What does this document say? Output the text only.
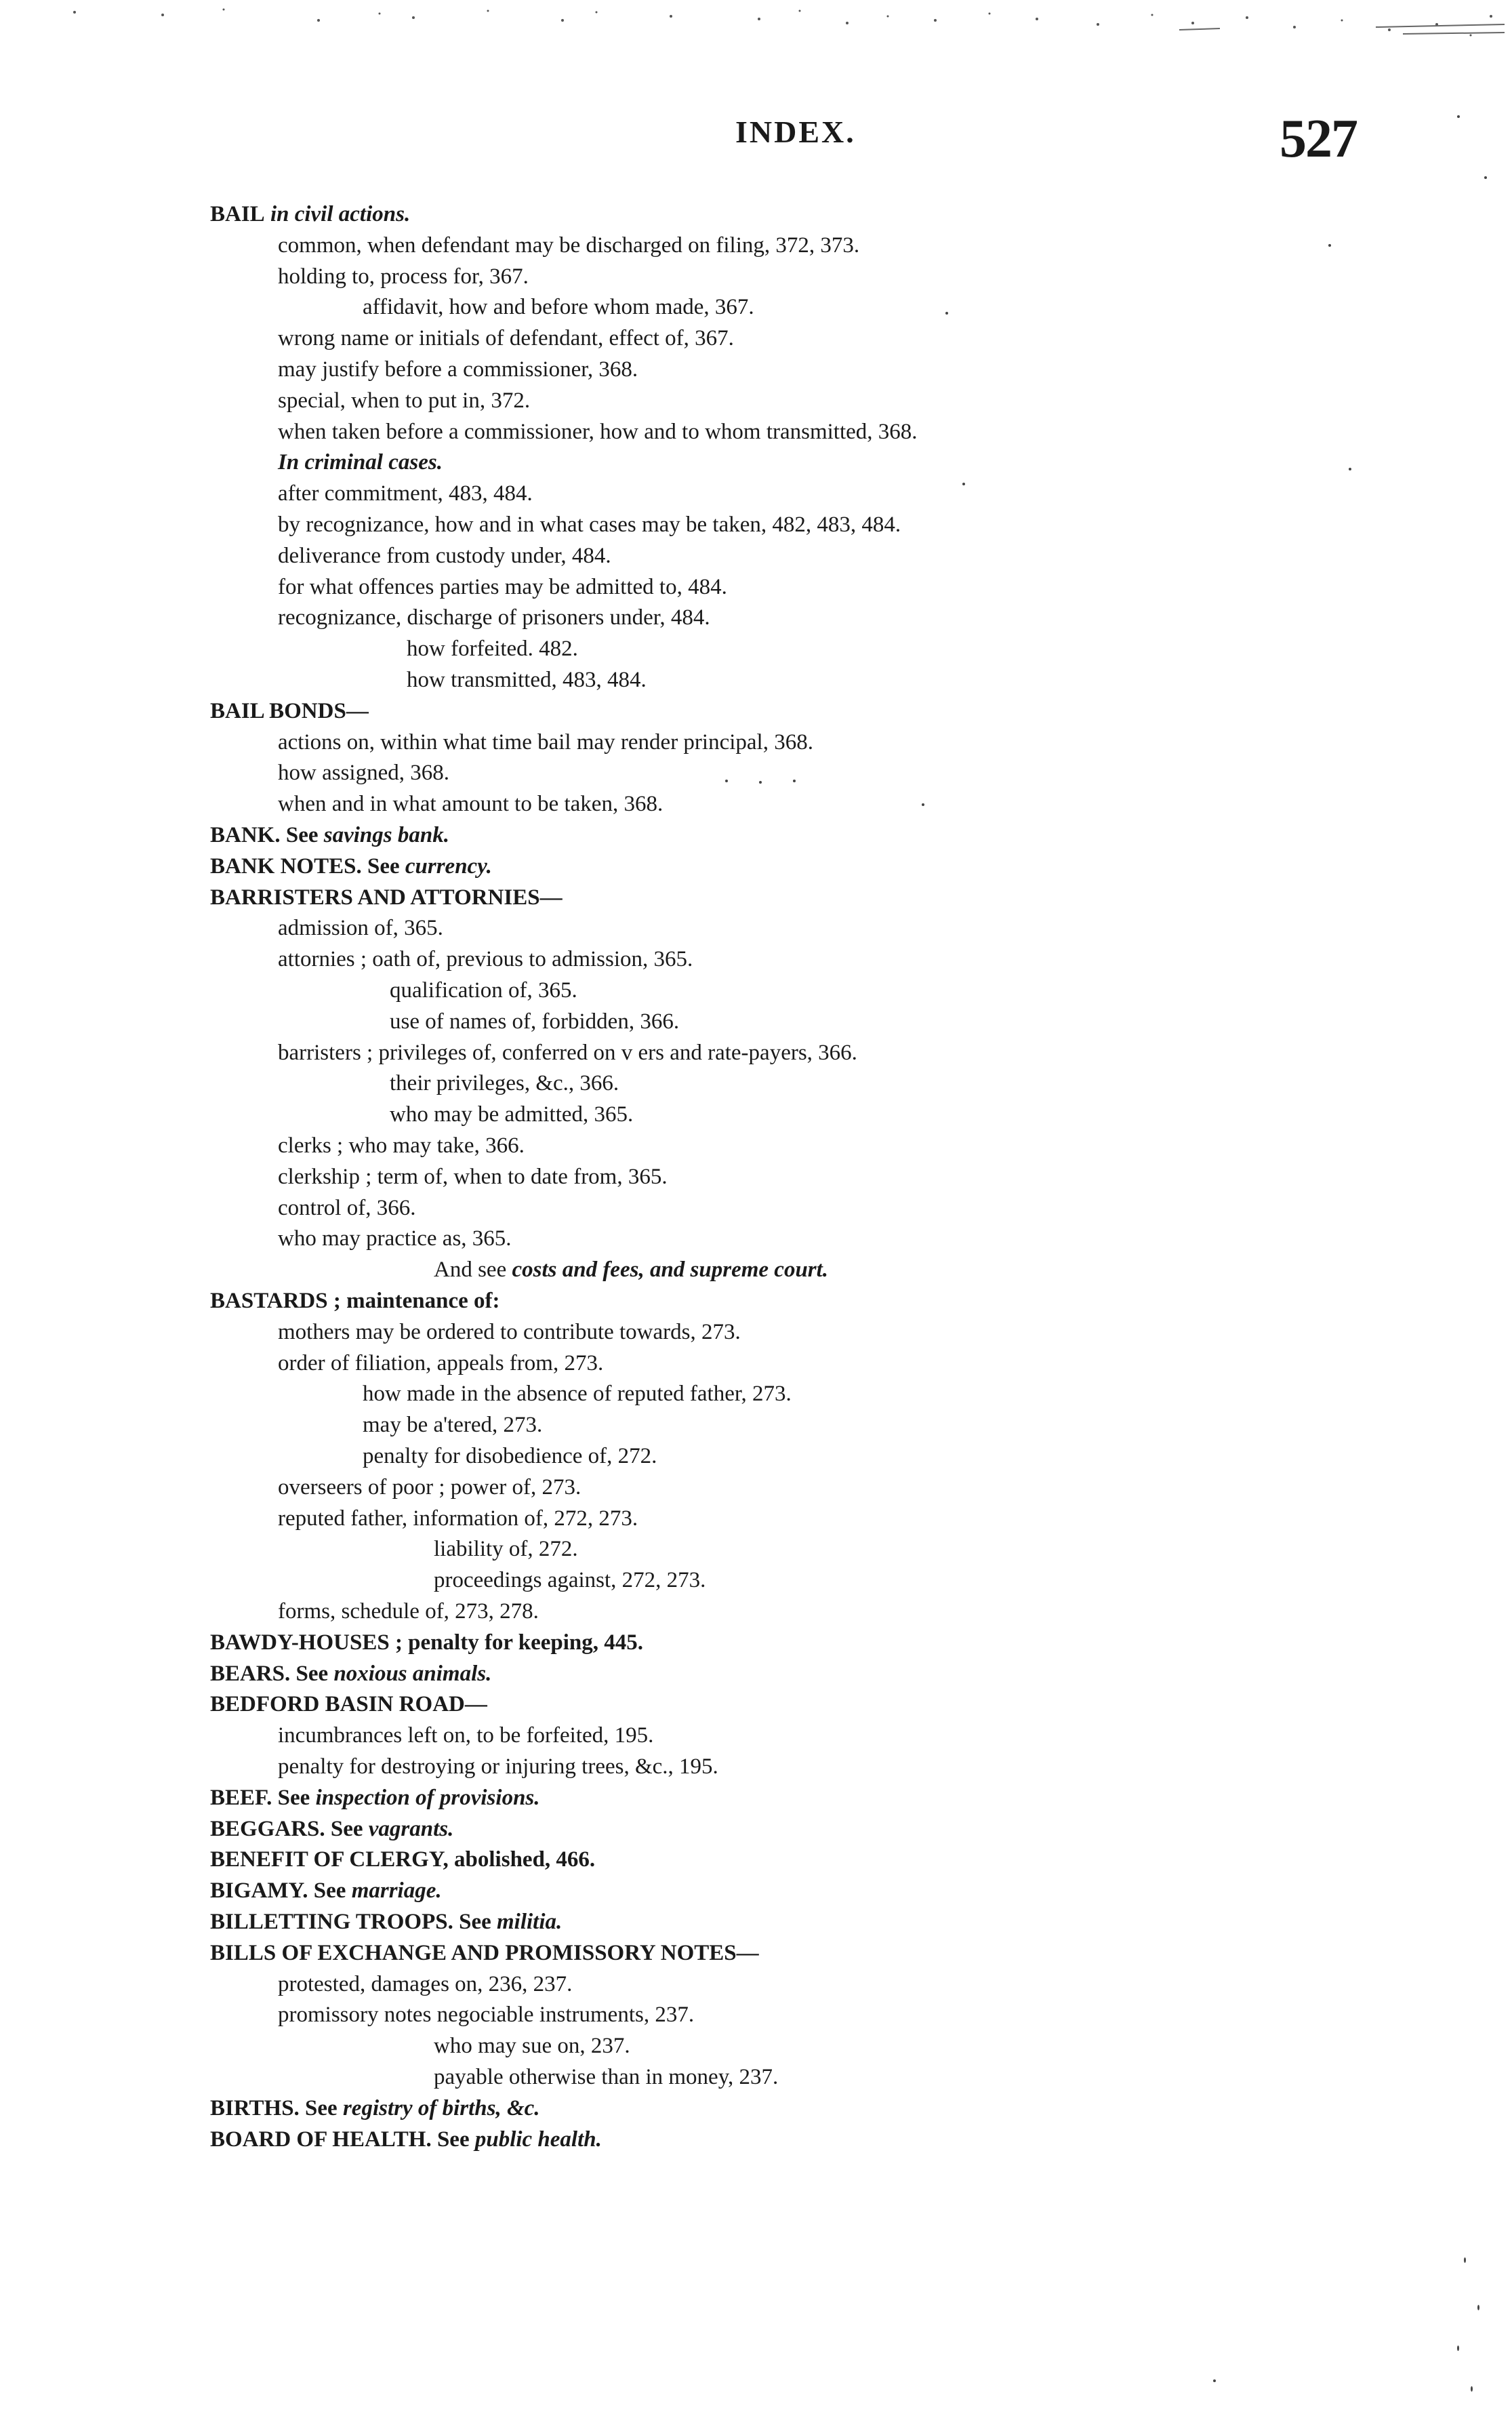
INDEX.	527
BAIL in civil actions.
common, when defendant may be discharged on filing, 372, 373.
holding to, process for, 367.
affidavit, how and before whom made, 367.
wrong name or initials of defendant, effect of, 367.
may justify before a commissioner, 368.
special, when to put in, 372.
when taken before a commissioner, how and to whom transmitted, 368.
In criminal cases.
after commitment, 483, 484.
by recognizance, how and in what cases may be taken, 482, 483, 484.
deliverance from custody under, 484.
for what offences parties may be admitted to, 484.
recognizance, discharge of prisoners under, 484.
how forfeited. 482.
how transmitted, 483, 484.
BAIL BONDS—
actions on, within what time bail may render principal, 368.
how assigned, 368.
when and in what amount to be taken, 368.
BANK. See savings bank.
BANK NOTES. See currency.
BARRISTERS AND ATTORNIES—
admission of, 365.
attornies ; oath of, previous to admission, 365.
qualification of, 365.
use of names of, forbidden, 366.
barristers ; privileges of, conferred on v ers and rate-payers, 366.
their privileges, &c., 366.
who may be admitted, 365.
clerks ; who may take, 366.
clerkship ; term of, when to date from, 365.
control of, 366.
who may practice as, 365.
And see costs and fees, and supreme court.
BASTARDS ; maintenance of:
mothers may be ordered to contribute towards, 273.
order of filiation, appeals from, 273.
how made in the absence of reputed father, 273.
may be a'tered, 273.
penalty for disobedience of, 272.
overseers of poor ; power of, 273.
reputed father, information of, 272, 273.
liability of, 272.
proceedings against, 272, 273.
forms, schedule of, 273, 278.
BAWDY-HOUSES ; penalty for keeping, 445.
BEARS. See noxious animals.
BEDFORD BASIN ROAD—
incumbrances left on, to be forfeited, 195.
penalty for destroying or injuring trees, &c., 195.
BEEF. See inspection of provisions.
BEGGARS. See vagrants.
BENEFIT OF CLERGY, abolished, 466.
BIGAMY. See marriage.
BILLETTING TROOPS. See militia.
BILLS OF EXCHANGE AND PROMISSORY NOTES—
protested, damages on, 236, 237.
promissory notes negociable instruments, 237.
who may sue on, 237.
payable otherwise than in money, 237.
BIRTHS. See registry of births, &c.
BOARD OF HEALTH. See public health.
